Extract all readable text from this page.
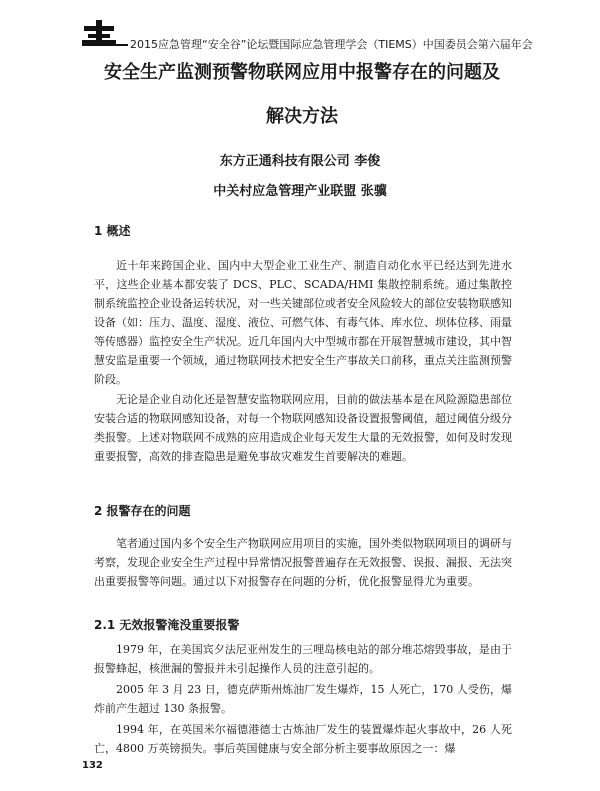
2015应急管理“安全谷”论坛暨国际应急管理学会（TIEMS）中国委员会第六届年会
安全生产监测预警物联网应用中报警存在的问题及
解决方法
东方正通科技有限公司 李俊
中关村应急管理产业联盟 张骥
1 概述

近十年来跨国企业、国内中大型企业工业生产、制造自动化水平已经达到先进水平，这些企业基本都安装了 DCS、PLC、SCADA/HMI 集散控制系统。通过集散控制系统监控企业设备运转状况，对一些关键部位或者安全风险较大的部位安装物联感知设备（如：压力、温度、湿度、液位、可燃气体、有毒气体、库水位、坝体位移、雨量等传感器）监控安全生产状况。近几年国内大中型城市都在开展智慧城市建设，其中智慧安监是重要一个领域，通过物联网技术把安全生产事故关口前移，重点关注监测预警阶段。

无论是企业自动化还是智慧安监物联网应用，目前的做法基本是在风险源隐患部位安装合适的物联网感知设备，对每一个物联网感知设备设置报警阈值，超过阈值分级分类报警。上述对物联网不成熟的应用造成企业每天发生大量的无效报警，如何及时发现重要报警，高效的排查隐患是避免事故灾难发生首要解决的难题。

2 报警存在的问题

笔者通过国内多个安全生产物联网应用项目的实施，国外类似物联网项目的调研与考察，发现企业安全生产过程中异常情况报警普遍存在无效报警、误报、漏报、无法突出重要报警等问题。通过以下对报警存在问题的分析，优化报警显得尤为重要。

2.1 无效报警淹没重要报警

1979 年，在美国宾夕法尼亚州发生的三哩岛核电站的部分堆芯熔毁事故，是由于报警蜂起，核泄漏的警报并未引起操作人员的注意引起的。

2005 年 3 月 23 日，德克萨斯州炼油厂发生爆炸，15 人死亡，170 人受伤，爆炸前产生超过 130 条报警。

1994 年，在英国米尔福德港德士古炼油厂发生的装置爆炸起火事故中，26 人死亡，4800 万英镑损失。事后英国健康与安全部分析主要事故原因之一：爆

132
